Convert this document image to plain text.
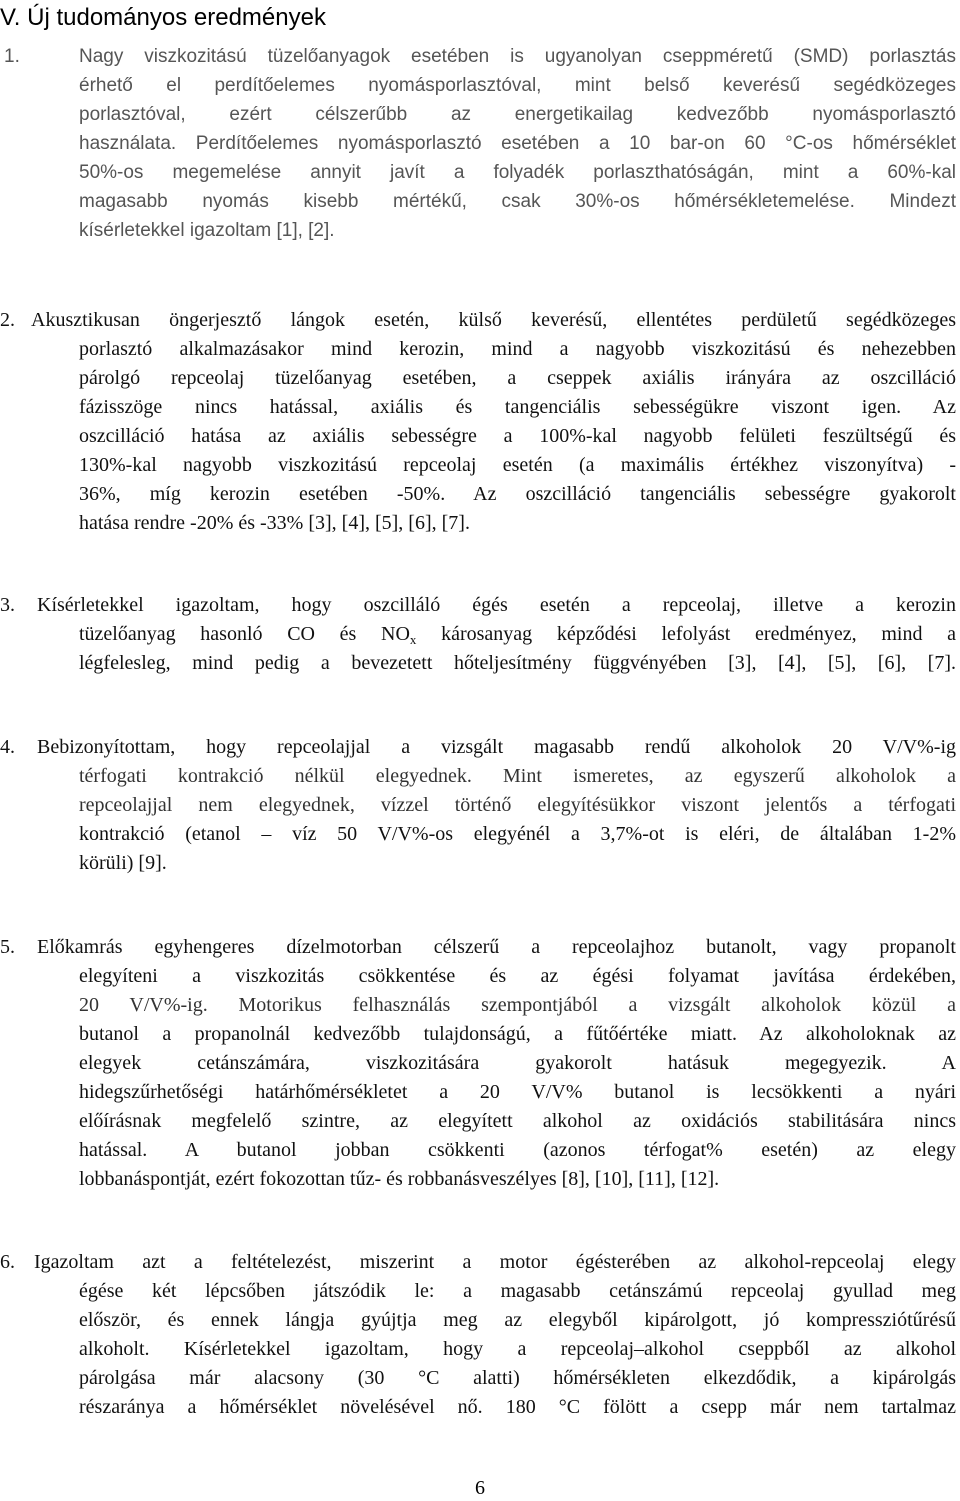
V. Új tudományos eredmények
1.	Nagy viszkozitású tüzelőanyagok esetében is ugyanolyan cseppméretű (SMD) porlasztás
érhető el perdítőelemes nyomásporlasztóval, mint belső keverésű segédközeges
porlasztóval, ezért célszerűbb az energetikailag kedvezőbb nyomásporlasztó
használata. Perdítőelemes nyomásporlasztó esetében a 10 bar-on 60 °C-os hőmérséklet
50%-os megemelése annyit javít a folyadék porlaszthatóságán, mint a 60%-kal
magasabb nyomás kisebb mértékű, csak 30%-os hőmérsékletemelése. Mindezt
kísérletekkel igazoltam [1], [2].
2. Akusztikusan öngerjesztő lángok esetén, külső keverésű, ellentétes perdületű segédközeges
porlasztó alkalmazásakor mind kerozin, mind a nagyobb viszkozitású és nehezebben
párolgó repceolaj tüzelőanyag esetében, a cseppek axiális irányára az oszcilláció
fázisszöge nincs hatással, axiális és tangenciális sebességükre viszont igen. Az
oszcilláció hatása az axiális sebességre a 100%-kal nagyobb felületi feszültségű és
130%-kal nagyobb viszkozitású repceolaj esetén (a maximális értékhez viszonyítva) -
36%, míg kerozin esetében -50%. Az oszcilláció tangenciális sebességre gyakorolt
hatása rendre -20% és -33% [3], [4], [5], [6], [7].
3. Kísérletekkel igazoltam, hogy oszcilláló égés esetén a repceolaj, illetve a kerozin
tüzelőanyag hasonló CO és $NO_x$ károsanyag képződési lefolyást eredményez, mind a
légfelesleg, mind pedig a bevezetett hőteljesítmény függvényében [3], [4], [5], [6], [7].
4. Bebizonyítottam, hogy repceolajjal a vizsgált magasabb rendű alkoholok 20 V/V%-ig
térfogati kontrakció nélkül elegyednek. Mint ismeretes, az egyszerű alkoholok a
repceolajjal nem elegyednek, vízzel történő elegyítésükkor viszont jelentős a térfogati
kontrakció (etanol – víz 50 V/V%-os elegyénél a 3,7%-ot is eléri, de általában 1-2%
körüli) [9].
5. Előkamrás egyhengeres dízelmotorban célszerű a repceolajhoz butanolt, vagy propanolt
elegyíteni a viszkozitás csökkentése és az égési folyamat javítása érdekében,
20 V/V%-ig. Motorikus felhasználás szempontjából a vizsgált alkoholok közül a
butanol a propanolnál kedvezőbb tulajdonságú, a fűtőértéke miatt. Az alkoholoknak az
elegyek cetánszámára, viszkozitására gyakorolt hatásuk megegyezik. A
hidegszűrhetőségi határhőmérsékletet a 20 V/V% butanol is lecsökkenti a nyári
előírásnak megfelelő szintre, az elegyített alkohol az oxidációs stabilitására nincs
hatással. A butanol jobban csökkenti (azonos térfogat% esetén) az elegy
lobbanáspontját, ezért fokozottan tűz- és robbanásveszélyes [8], [10], [11], [12].
6. Igazoltam azt a feltételezést, miszerint a motor égésterében az alkohol-repceolaj elegy
égése két lépcsőben játszódik le: a magasabb cetánszámú repceolaj gyullad meg
először, és ennek lángja gyújtja meg az elegyből kipárolgott, jó kompressziótűrésű
alkoholt. Kísérletekkel igazoltam, hogy a repceolaj–alkohol cseppből az alkohol
párolgása már alacsony (30 °C alatti) hőmérsékleten elkezdődik, a kipárolgás
részaránya a hőmérséklet növelésével nő. 180 °C fölött a csepp már nem tartalmaz
6
